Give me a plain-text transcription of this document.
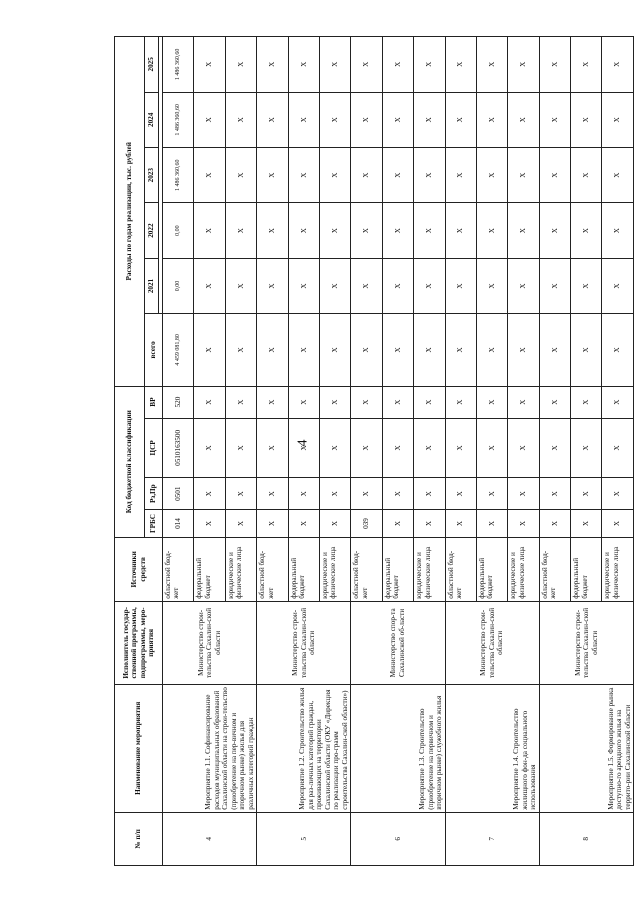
4
№ п/п	Наименование мероприятия	Исполнитель государ-ственной программы, подпрограммы, меро-приятия	Источники средств	Код бюджетной классификации				Расходы по годам реализации, тыс. рублей					
				ГРБС	Рз,Пр	ЦСР	ВР	всего	2021	2022	2023	2024	2025

4	Мероприятие 1.1. Софинансирование расходов муниципальных образований Сахалинской области на строи-тельство (приобретение на пер-вичном и вторичном рынке) жилья для различных категорий граждан	Министерство строи-тельства Сахалин-ской области	областной бюд-жет	014	0501	0510163500	520	4 459 081,80	0,00	0,00	1 486 360,60	1 486 360,60	1 486 360,60
			федеральный бюджет	X	X	X	X	X	X	X	X	X	X
			юридические и физические лица	X	X	X	X	X	X	X	X	X	X
5	Мероприятие 1.2. Строительство жилья для раз-личных категорий граждан, проживающих на территории Сахалинской области (ОКУ «Дирекция по реализации про-грамм строительства Сахалин-ской области»)	Министерство строи-тельства Сахалин-ской области	областной бюд-жет	X	X	X	X	X	X	X	X	X	X
			федеральный бюджет	X	X	X	X	X	X	X	X	X	X
			юридические и физические лица	X	X	X	X	X	X	X	X	X	X
6	Мероприятие 1.3. Строительство (приобретение на первичном и вторичном рынке) служебного жилья	Министерство спор-та Сахалинской об-ласти	областной бюд-жет	039	X	X	X	X	X	X	X	X	X
			федеральный бюджет	X	X	X	X	X	X	X	X	X	X
			юридические и физические лица	X	X	X	X	X	X	X	X	X	X
7	Мероприятие 1.4. Строительство жилищного фон-да социального использования	Министерство строи-тельства Сахалин-ской области	областной бюд-жет	X	X	X	X	X	X	X	X	X	X
			федеральный бюджет	X	X	X	X	X	X	X	X	X	X
			юридические и физические лица	X	X	X	X	X	X	X	X	X	X
8	Мероприятие 1.5. Формирование рынка доступно-го арендного жилья на террито-рии Сахалинской области	Министерство строи-тельства Сахалин-ской области	областной бюд-жет	X	X	X	X	X	X	X	X	X	X
			федеральный бюджет	X	X	X	X	X	X	X	X	X	X
			юридические и физические лица	X	X	X	X	X	X	X	X	X	X
